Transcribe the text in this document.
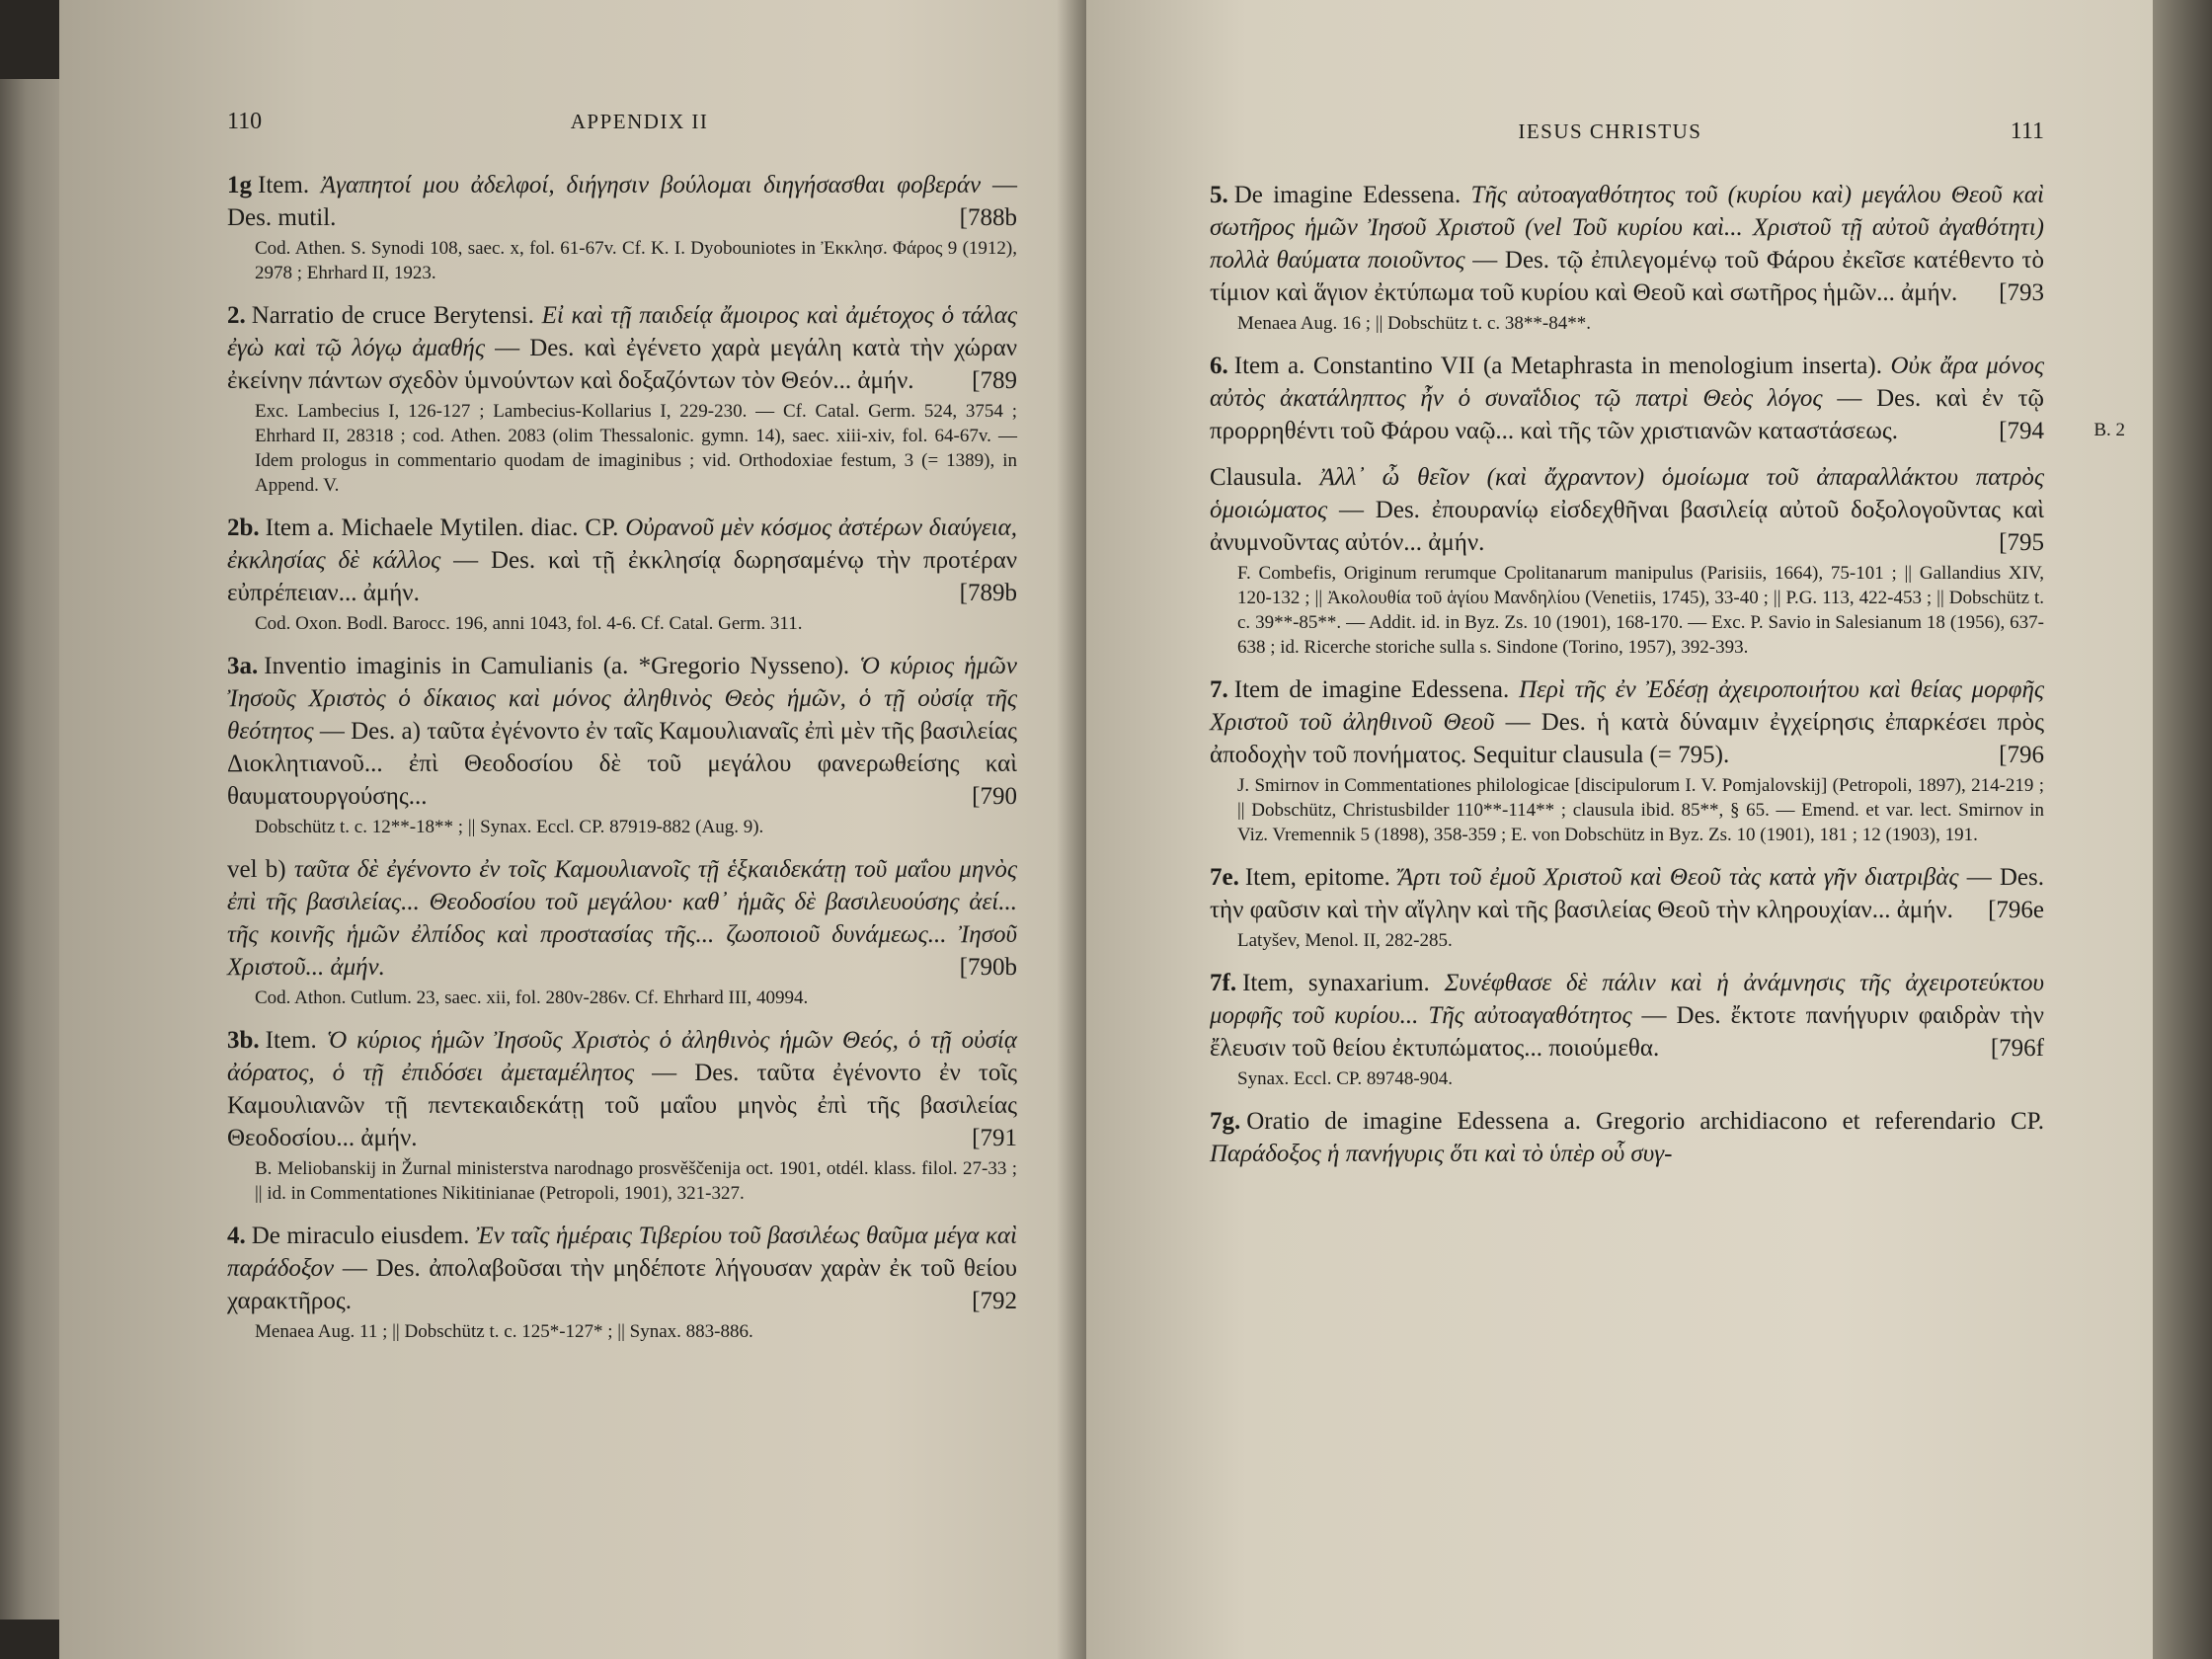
110	APPENDIX II
1g Item. Ἀγαπητοί μου ἀδελφοί, διήγησιν βούλομαι διηγήσασθαι φοβεράν — Des. mutil.	[788b
Cod. Athen. S. Synodi 108, saec. x, fol. 61-67v. Cf. K. I. Dyobouniotes in Ἐκκλησ. Φάρος 9 (1912), 2978 ; Ehrhard II, 1923.
2. Narratio de cruce Berytensi. Εἰ καὶ τῇ παιδείᾳ ἄμοιρος καὶ ἀμέτοχος ὁ τάλας ἐγὼ καὶ τῷ λόγῳ ἀμαθής — Des. καὶ ἐγένετο χαρὰ μεγάλη κατὰ τὴν χώραν ἐκείνην πάντων σχεδὸν ὑμνούντων καὶ δοξαζόντων τὸν Θεόν... ἀμήν. [789
Exc. Lambecius I, 126-127 ; Lambecius-Kollarius I, 229-230. — Cf. Catal. Germ. 524, 3754 ; Ehrhard II, 28318 ; cod. Athen. 2083 (olim Thessalonic. gymn. 14), saec. xiii-xiv, fol. 64-67v. — Idem prologus in commentario quodam de imaginibus ; vid. Orthodoxiae festum, 3 (= 1389), in Append. V.
2b. Item a. Michaele Mytilen. diac. CP. Οὐρανοῦ μὲν κόσμος ἀστέρων διαύγεια, ἐκκλησίας δὲ κάλλος — Des. καὶ τῇ ἐκκλησίᾳ δωρησαμένῳ τὴν προτέραν εὐπρέπειαν... ἀμήν.	[789b
Cod. Oxon. Bodl. Barocc. 196, anni 1043, fol. 4-6. Cf. Catal. Germ. 311.
3a. Inventio imaginis in Camulianis (a. *Gregorio Nysseno). Ὁ κύριος ἡμῶν Ἰησοῦς Χριστὸς ὁ δίκαιος καὶ μόνος ἀληθινὸς Θεὸς ἡμῶν, ὁ τῇ οὐσίᾳ τῆς θεότητος — Des. a) ταῦτα ἐγένοντο ἐν ταῖς Καμουλιαναῖς ἐπὶ μὲν τῆς βασιλείας Διοκλητιανοῦ... ἐπὶ Θεοδοσίου δὲ τοῦ μεγάλου φανερωθείσης καὶ θαυματουργούσης...	[790
Dobschütz t. c. 12**-18** ; || Synax. Eccl. CP. 87919-882 (Aug. 9).
vel b) ταῦτα δὲ ἐγένοντο ἐν τοῖς Καμουλιανοῖς τῇ ἑξκαιδεκάτῃ τοῦ μαΐου μηνὸς ἐπὶ τῆς βασιλείας... Θεοδοσίου τοῦ μεγάλου· καθ᾽ ἡμᾶς δὲ βασιλευούσης ἀεί... τῆς κοινῆς ἡμῶν ἐλπίδος καὶ προστασίας τῆς... ζωοποιοῦ δυνάμεως... Ἰησοῦ Χριστοῦ... ἀμήν.	[790b
Cod. Athon. Cutlum. 23, saec. xii, fol. 280v-286v. Cf. Ehrhard III, 40994.
3b. Item. Ὁ κύριος ἡμῶν Ἰησοῦς Χριστὸς ὁ ἀληθινὸς ἡμῶν Θεός, ὁ τῇ οὐσίᾳ ἀόρατος, ὁ τῇ ἐπιδόσει ἀμεταμέλητος — Des. ταῦτα ἐγένοντο ἐν τοῖς Καμουλιανῶν τῇ πεντεκαιδεκάτῃ τοῦ μαΐου μηνὸς ἐπὶ τῆς βασιλείας Θεοδοσίου... ἀμήν.	[791
B. Meliobanskij in Žurnal ministerstva narodnago prosvěščenija oct. 1901, otdél. klass. filol. 27-33 ; || id. in Commentationes Nikitinianae (Petropoli, 1901), 321-327.
4. De miraculo eiusdem. Ἐν ταῖς ἡμέραις Τιβερίου τοῦ βασιλέως θαῦμα μέγα καὶ παράδοξον — Des. ἀπολαβοῦσαι τὴν μηδέποτε λήγουσαν χαρὰν ἐκ τοῦ θείου χαρακτῆρος.	[792
Menaea Aug. 11 ; || Dobschütz t. c. 125*-127* ; || Synax. 883-886.
IESUS CHRISTUS	111
5. De imagine Edessena. Τῆς αὐτοαγαθότητος τοῦ (κυρίου καὶ) μεγάλου Θεοῦ καὶ σωτῆρος ἡμῶν Ἰησοῦ Χριστοῦ (vel Τοῦ κυρίου καὶ... Χριστοῦ τῇ αὐτοῦ ἀγαθότητι) πολλὰ θαύματα ποιοῦντος — Des. τῷ ἐπιλεγομένῳ τοῦ Φάρου ἐκεῖσε κατέθεντο τὸ τίμιον καὶ ἅγιον ἐκτύπωμα τοῦ κυρίου καὶ Θεοῦ καὶ σωτῆρος ἡμῶν... ἀμήν. [793
Menaea Aug. 16 ; || Dobschütz t. c. 38**-84**.
6. Item a. Constantino VII (a Metaphrasta in menologium inserta). Οὐκ ἄρα μόνος αὐτὸς ἀκατάληπτος ἦν ὁ συναΐδιος τῷ πατρὶ Θεὸς λόγος — Des. καὶ ἐν τῷ προρρηθέντι τοῦ Φάρου ναῷ... καὶ τῆς τῶν χριστιανῶν καταστάσεως.	[794
Clausula. Ἀλλ᾽ ὦ θεῖον (καὶ ἄχραντον) ὁμοίωμα τοῦ ἀπαραλλάκτου πατρὸς ὁμοιώματος — Des. ἐπουρανίῳ εἰσδεχθῆναι βασιλείᾳ αὐτοῦ δοξολογοῦντας καὶ ἀνυμνοῦντας αὐτόν... ἀμήν.	[795
F. Combefis, Originum rerumque Cpolitanarum manipulus (Parisiis, 1664), 75-101 ; || Gallandius XIV, 120-132 ; || Ἀκολουθία τοῦ ἁγίου Μανδηλίου (Venetiis, 1745), 33-40 ; || P.G. 113, 422-453 ; || Dobschütz t. c. 39**-85**. — Addit. id. in Byz. Zs. 10 (1901), 168-170. — Exc. P. Savio in Salesianum 18 (1956), 637-638 ; id. Ricerche storiche sulla s. Sindone (Torino, 1957), 392-393.
7. Item de imagine Edessena. Περὶ τῆς ἐν Ἐδέσῃ ἀχειροποιήτου καὶ θείας μορφῆς Χριστοῦ τοῦ ἀληθινοῦ Θεοῦ — Des. ἡ κατὰ δύναμιν ἐγχείρησις ἐπαρκέσει πρὸς ἀποδοχὴν τοῦ πονήματος. Sequitur clausula (= 795).	[796
J. Smirnov in Commentationes philologicae [discipulorum I. V. Pomjalovskij] (Petropoli, 1897), 214-219 ; || Dobschütz, Christusbilder 110**-114** ; clausula ibid. 85**, § 65. — Emend. et var. lect. Smirnov in Viz. Vremennik 5 (1898), 358-359 ; E. von Dobschütz in Byz. Zs. 10 (1901), 181 ; 12 (1903), 191.
7e. Item, epitome. Ἄρτι τοῦ ἐμοῦ Χριστοῦ καὶ Θεοῦ τὰς κατὰ γῆν διατριβὰς — Des. τὴν φαῦσιν καὶ τὴν αἴγλην καὶ τῆς βασιλείας Θεοῦ τὴν κληρουχίαν... ἀμήν. [796e
Latyšev, Menol. II, 282-285.
7f. Item, synaxarium. Συνέφθασε δὲ πάλιν καὶ ἡ ἀνάμνησις τῆς ἀχειροτεύκτου μορφῆς τοῦ κυρίου... Τῆς αὐτοαγαθότητος — Des. ἔκτοτε πανήγυριν φαιδρὰν τὴν ἔλευσιν τοῦ θείου ἐκτυπώματος... ποιούμεθα.	[796f
Synax. Eccl. CP. 89748-904.
7g. Oratio de imagine Edessena a. Gregorio archidiacono et referendario CP. Παράδοξος ἡ πανήγυρις ὅτι καὶ τὸ ὑπὲρ οὗ συγ-
B. 2
